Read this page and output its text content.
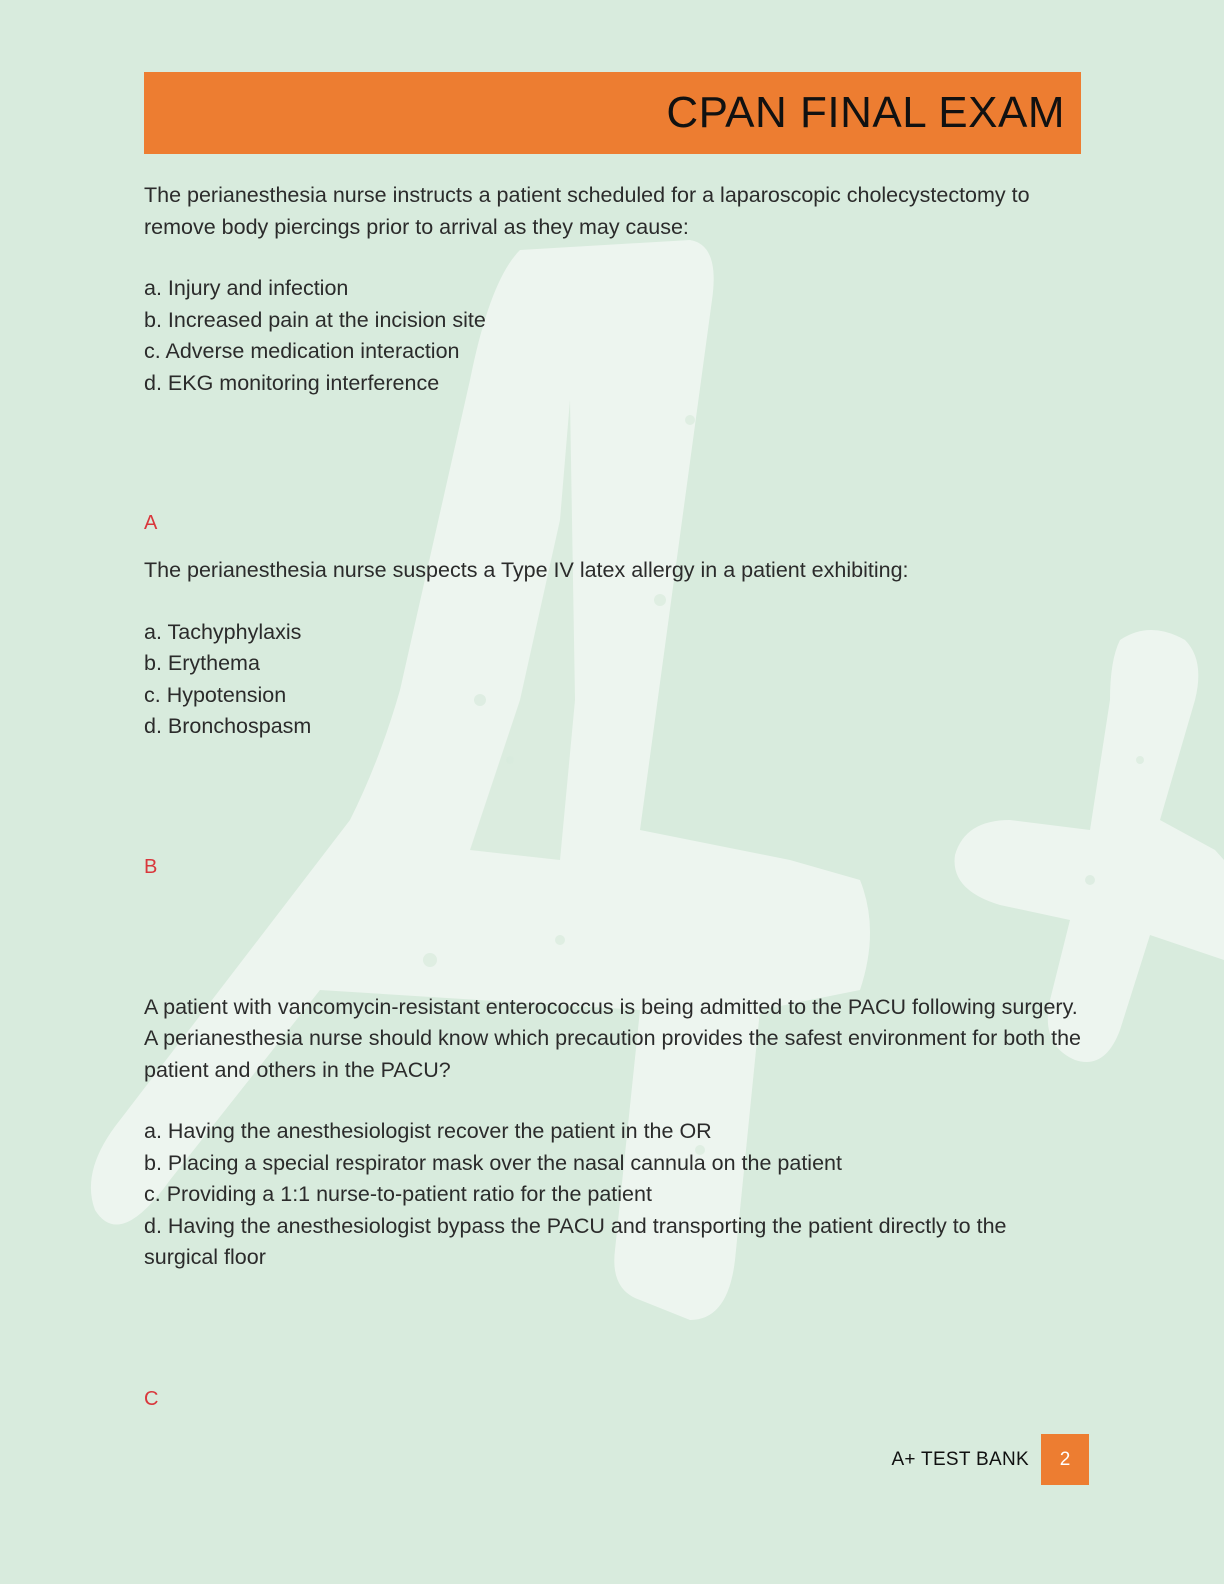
CPAN FINAL EXAM

The perianesthesia nurse instructs a patient scheduled for a laparoscopic cholecystectomy to remove body piercings prior to arrival as they may cause:

a. Injury and infection
b. Increased pain at the incision site
c. Adverse medication interaction
d. EKG monitoring interference

A

The perianesthesia nurse suspects a Type IV latex allergy in a patient exhibiting:

a. Tachyphylaxis
b. Erythema
c. Hypotension
d. Bronchospasm

B

A patient with vancomycin-resistant enterococcus is being admitted to the PACU following surgery. A perianesthesia nurse should know which precaution provides the safest environment for both the patient and others in the PACU?

a. Having the anesthesiologist recover the patient in the OR
b. Placing a special respirator mask over the nasal cannula on the patient
c. Providing a 1:1 nurse-to-patient ratio for the patient
d. Having the anesthesiologist bypass the PACU and transporting the patient directly to the surgical floor

C

A+ TEST BANK	2
